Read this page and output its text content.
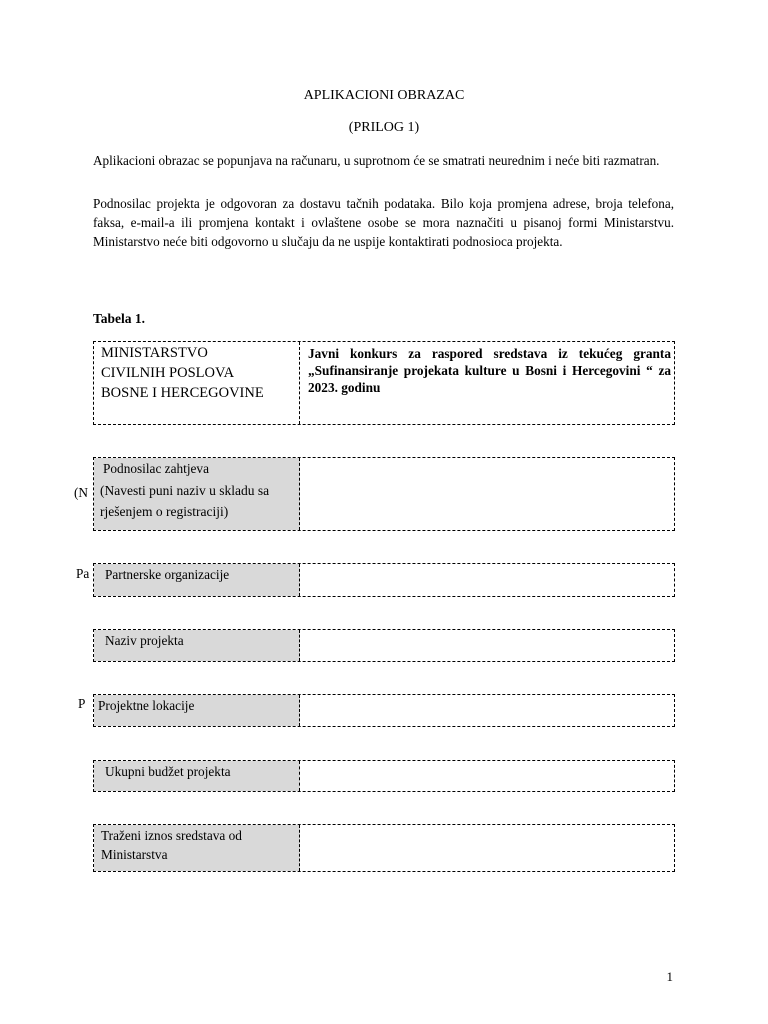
APLIKACIONI OBRAZAC
(PRILOG 1)
Aplikacioni obrazac se popunjava na računaru, u suprotnom će se smatrati neurednim i neće biti razmatran.
Podnosilac projekta je odgovoran za dostavu tačnih podataka. Bilo koja promjena adrese, broja telefona, faksa, e-mail-a ili promjena kontakt i ovlaštene osobe se mora naznačiti u pisanoj formi Ministarstvu. Ministarstvo neće biti odgovorno u slučaju da ne uspije kontaktirati podnosioca projekta.
Tabela 1.
MINISTARSTVO
CIVILNIH POSLOVA
BOSNE I HERCEGOVINE
Javni konkurs za raspored sredstava iz tekućeg granta „Sufinansiranje projekata kulture u Bosni i Hercegovini “ za 2023. godinu
(N
Podnosilac zahtjeva
(Navesti puni naziv u skladu sa rješenjem o registraciji)
Pa	Partnerske organizacije
Naziv projekta
P Projektne lokacije
Ukupni budžet projekta
Traženi iznos sredstava od Ministarstva
1
